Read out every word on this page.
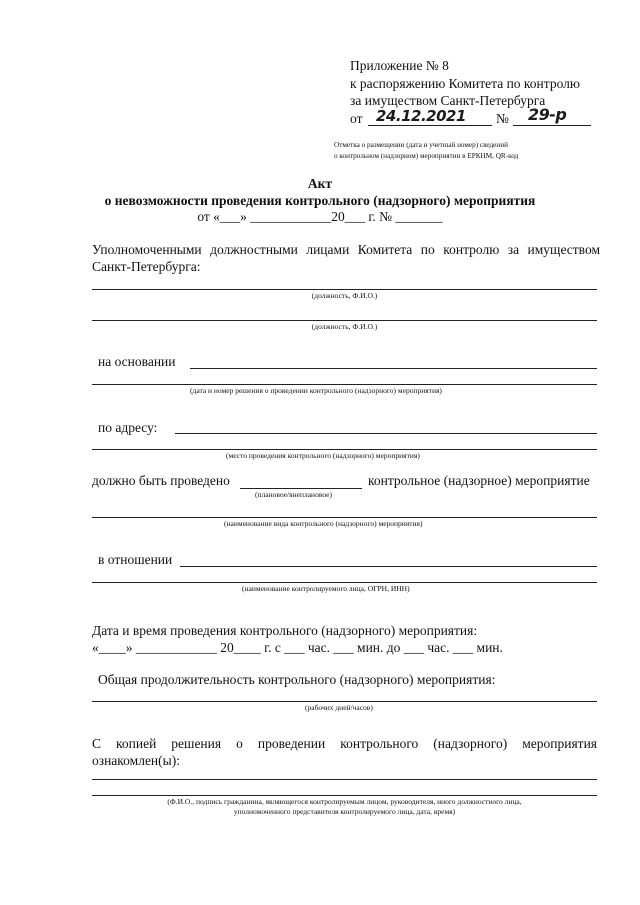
Приложение № 8
к распоряжению Комитета по контролю
за имуществом Санкт-Петербурга
от 24.12.2021 № 29-р
Отметка о размещении (дата и учетный номер) сведений
о контрольном (надзорном) мероприятии в ЕРКНМ, QR-код
Акт
о невозможности проведения контрольного (надзорного) мероприятия
от «___» ____________20___ г. № _______
Уполномоченными должностными лицами Комитета по контролю за имуществом Санкт-Петербурга:
(должность, Ф.И.О.)
(должность, Ф.И.О.)
на основании
(дата и номер решения о проведении контрольного (надзорного) мероприятия)
по адресу:
(место проведения контрольного (надзорного) мероприятия)
должно быть проведено	контрольное (надзорное) мероприятие
(плановое/внеплановое)
(наименование вида контрольного (надзорного) мероприятия)
в отношении
(наименование контролируемого лица, ОГРН, ИНН)
Дата и время проведения контрольного (надзорного) мероприятия:
«____» ____________ 20____ г. с ___ час. ___ мин. до ___ час. ___ мин.
Общая продолжительность контрольного (надзорного) мероприятия:
(рабочих дней/часов)
С копией решения о проведении контрольного (надзорного) мероприятия ознакомлен(ы):
(Ф.И.О., подпись гражданина, являющегося контролируемым лицом, руководителя, иного должностного лица,
уполномоченного представителя контролируемого лица, дата, время)
